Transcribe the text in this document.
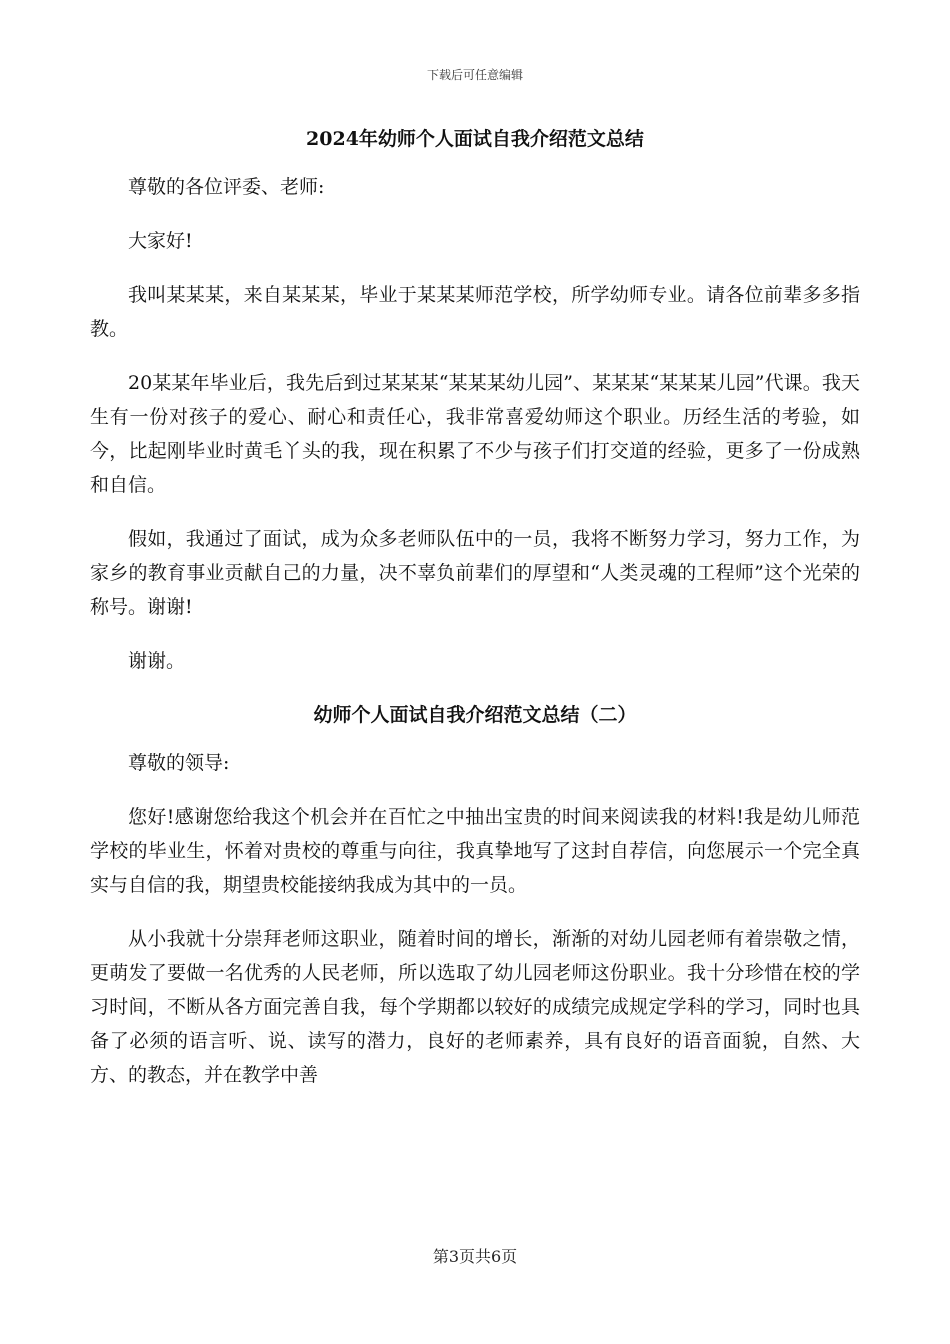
下载后可任意编辑
2024年幼师个人面试自我介绍范文总结

尊敬的各位评委、老师:

大家好!

我叫某某某，来自某某某，毕业于某某某师范学校，所学幼师专业。请各位前辈多多指教。

20某某年毕业后，我先后到过某某某“某某某幼儿园”、某某某“某某某儿园”代课。我天生有一份对孩子的爱心、耐心和责任心，我非常喜爱幼师这个职业。历经生活的考验，如今，比起刚毕业时黄毛丫头的我，现在积累了不少与孩子们打交道的经验，更多了一份成熟和自信。

假如，我通过了面试，成为众多老师队伍中的一员，我将不断努力学习，努力工作，为家乡的教育事业贡献自己的力量，决不辜负前辈们的厚望和“人类灵魂的工程师”这个光荣的称号。谢谢!

谢谢。

幼师个人面试自我介绍范文总结（二）

尊敬的领导:

您好!感谢您给我这个机会并在百忙之中抽出宝贵的时间来阅读我的材料!我是幼儿师范学校的毕业生，怀着对贵校的尊重与向往，我真挚地写了这封自荐信，向您展示一个完全真实与自信的我，期望贵校能接纳我成为其中的一员。

从小我就十分崇拜老师这职业，随着时间的增长，渐渐的对幼儿园老师有着崇敬之情，更萌发了要做一名优秀的人民老师，所以选取了幼儿园老师这份职业。我十分珍惜在校的学习时间，不断从各方面完善自我，每个学期都以较好的成绩完成规定学科的学习，同时也具备了必须的语言听、说、读写的潜力，良好的老师素养，具有良好的语音面貌，自然、大方、的教态，并在教学中善

第3页共6页
